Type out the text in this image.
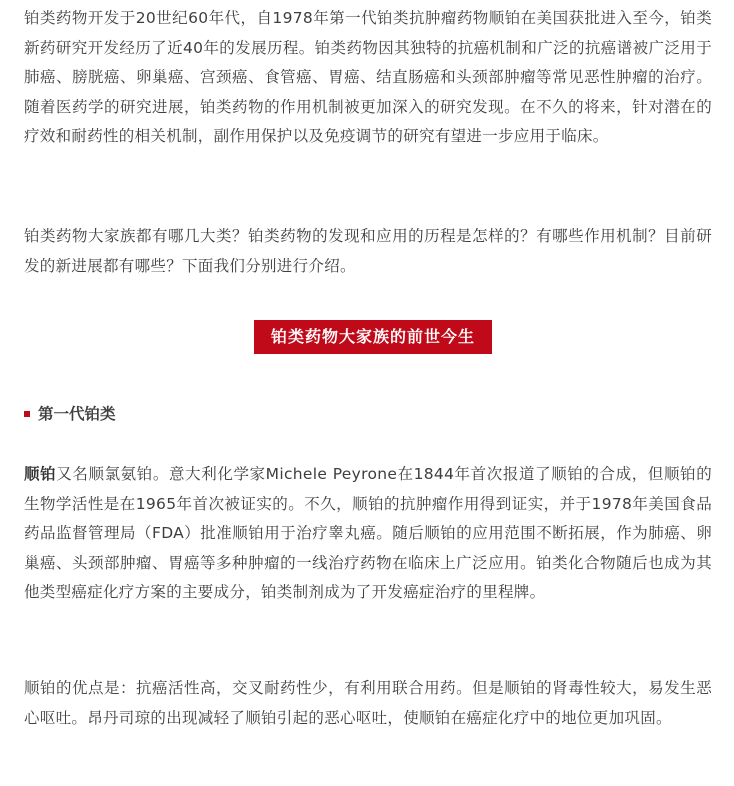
铂类药物开发于20世纪60年代，自1978年第一代铂类抗肿瘤药物顺铂在美国获批进入至今，铂类新药研究开发经历了近40年的发展历程。铂类药物因其独特的抗癌机制和广泛的抗癌谱被广泛用于肺癌、膀胱癌、卵巢癌、宫颈癌、食管癌、胃癌、结直肠癌和头颈部肿瘤等常见恶性肿瘤的治疗。随着医药学的研究进展，铂类药物的作用机制被更加深入的研究发现。在不久的将来，针对潜在的疗效和耐药性的相关机制，副作用保护以及免疫调节的研究有望进一步应用于临床。

铂类药物大家族都有哪几大类？铂类药物的发现和应用的历程是怎样的？有哪些作用机制？目前研发的新进展都有哪些？下面我们分别进行介绍。

铂类药物大家族的前世今生
第一代铂类

顺铂又名顺氯氨铂。意大利化学家Michele Peyrone在1844年首次报道了顺铂的合成，但顺铂的生物学活性是在1965年首次被证实的。不久，顺铂的抗肿瘤作用得到证实，并于1978年美国食品药品监督管理局（FDA）批准顺铂用于治疗睾丸癌。随后顺铂的应用范围不断拓展，作为肺癌、卵巢癌、头颈部肿瘤、胃癌等多种肿瘤的一线治疗药物在临床上广泛应用。铂类化合物随后也成为其他类型癌症化疗方案的主要成分，铂类制剂成为了开发癌症治疗的里程牌。

顺铂的优点是：抗癌活性高，交叉耐药性少，有利用联合用药。但是顺铂的肾毒性较大，易发生恶心呕吐。昂丹司琼的出现减轻了顺铂引起的恶心呕吐，使顺铂在癌症化疗中的地位更加巩固。
